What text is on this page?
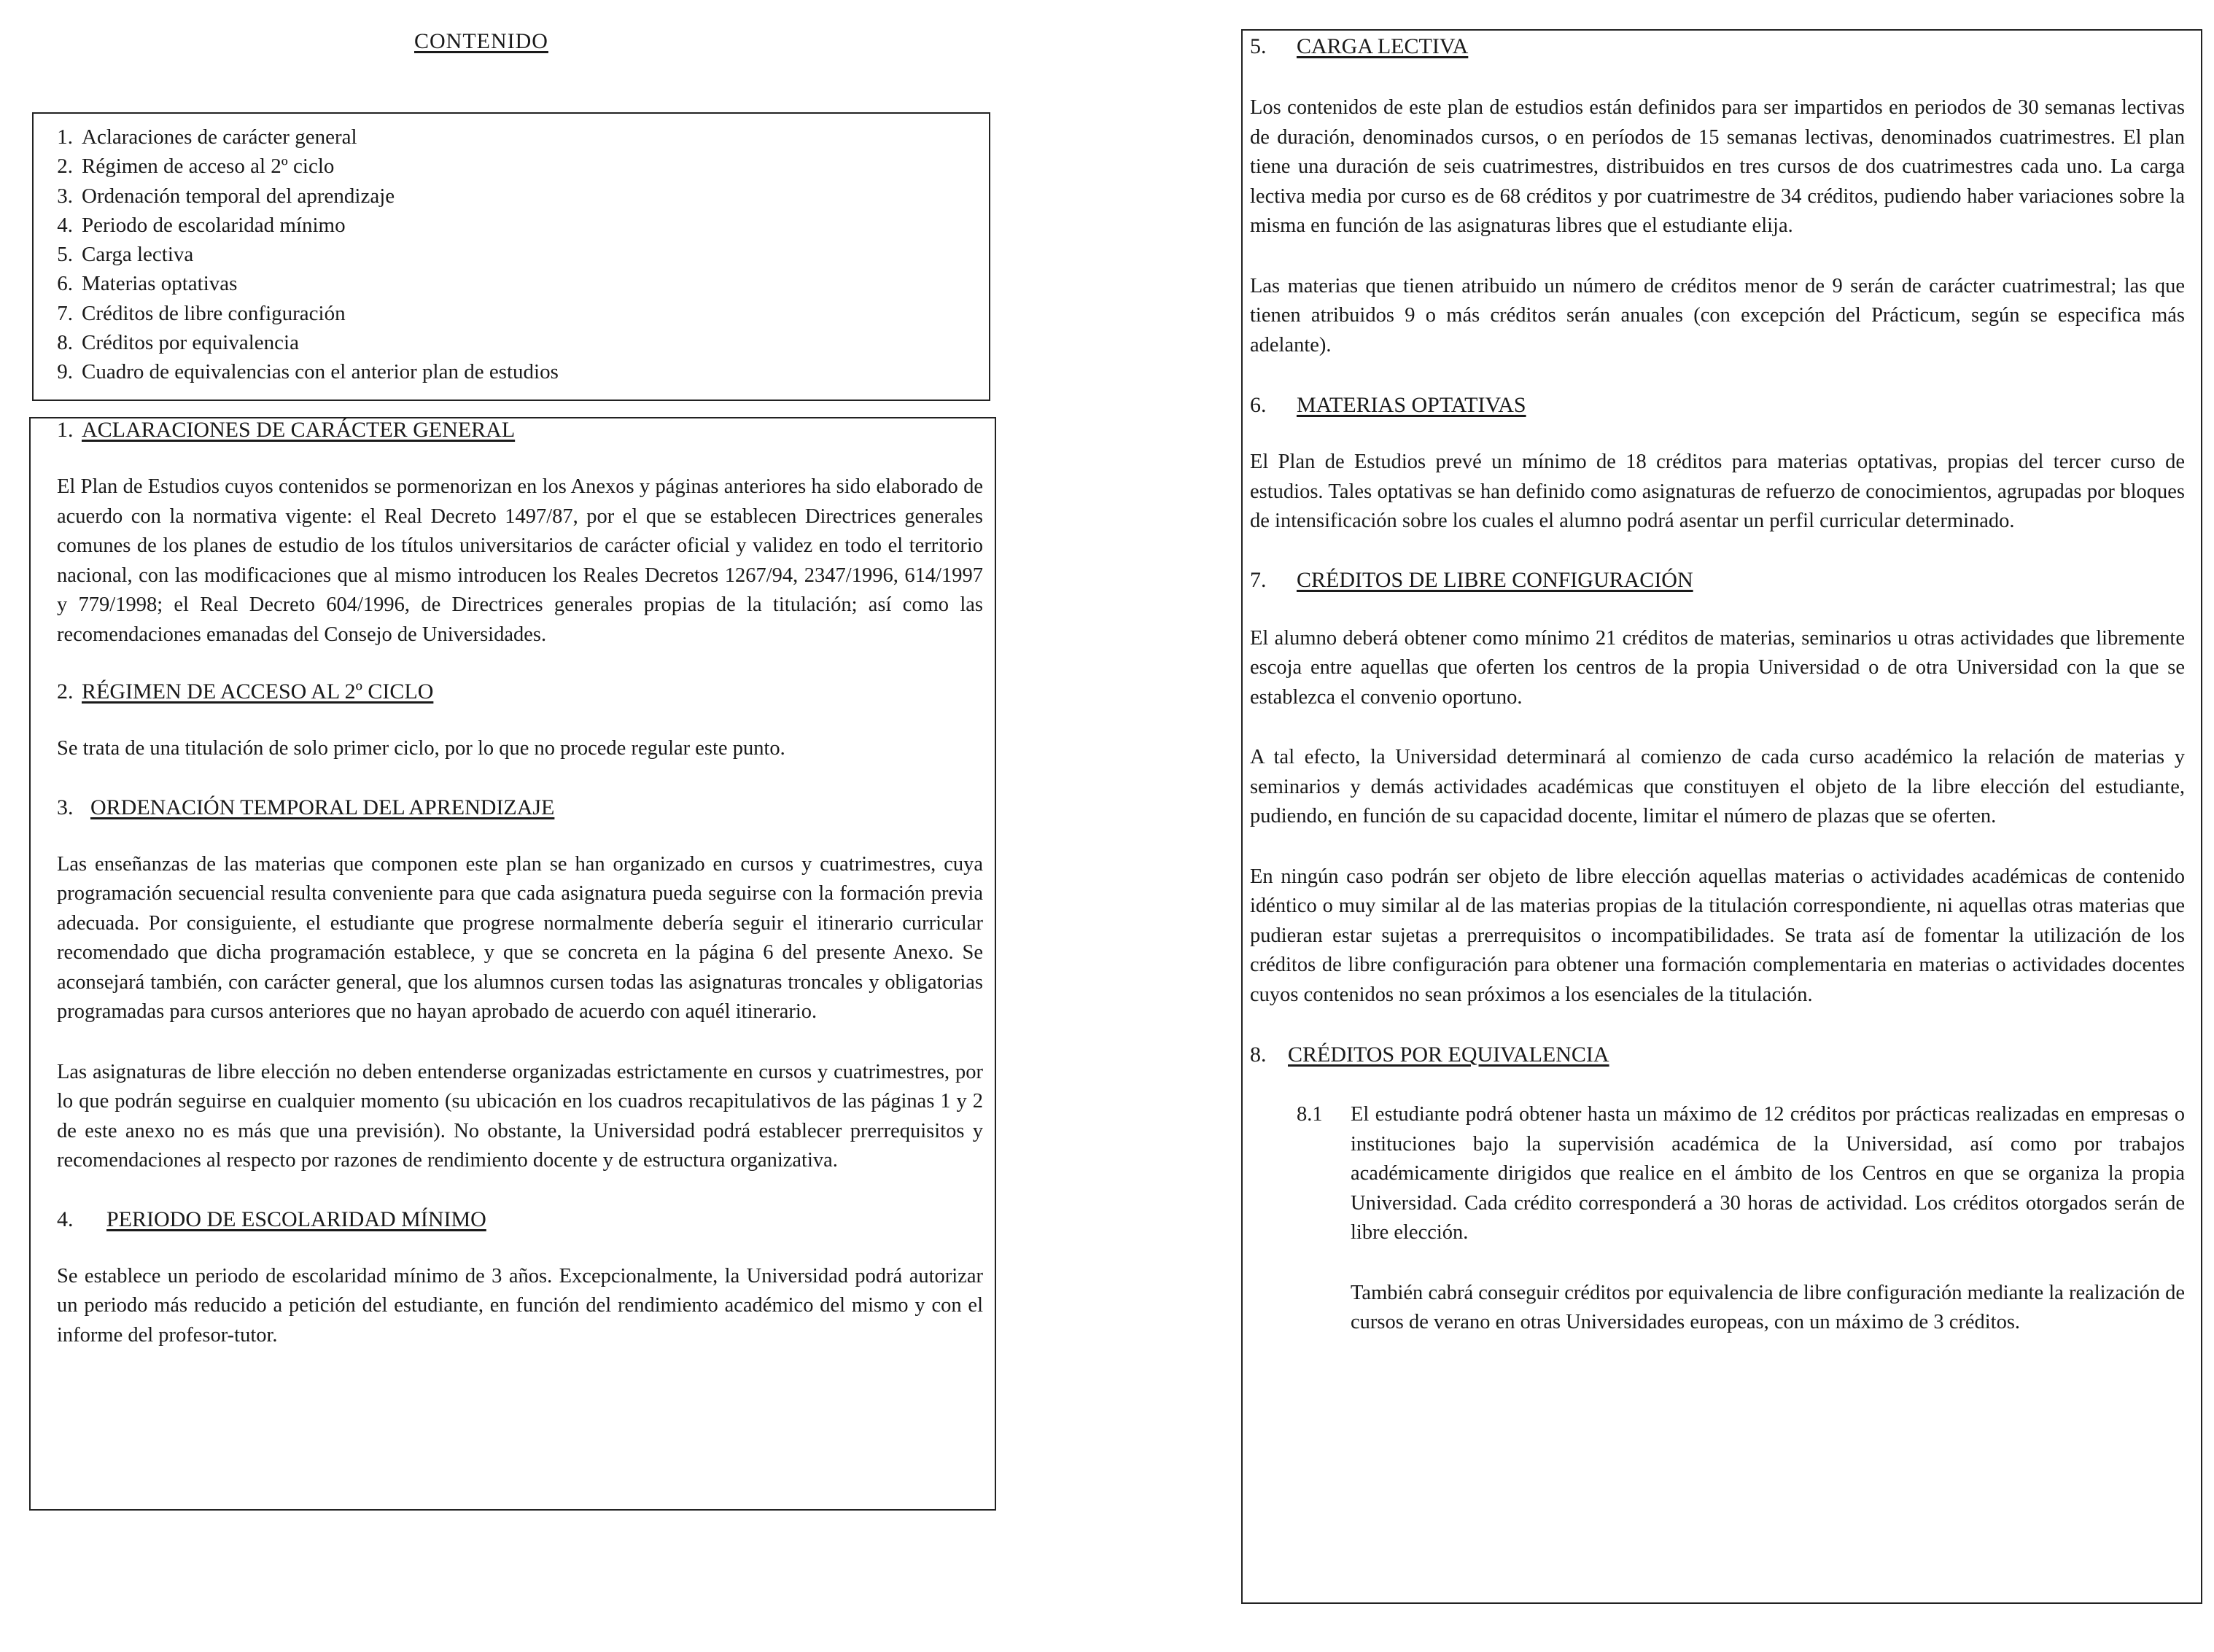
CONTENIDO
1. Aclaraciones de carácter general
2. Régimen de acceso al 2º ciclo
3. Ordenación temporal del aprendizaje
4. Periodo de escolaridad mínimo
5. Carga lectiva
6. Materias optativas
7. Créditos de libre configuración
8. Créditos por equivalencia
9. Cuadro de equivalencias con el anterior plan de estudios
1. ACLARACIONES DE CARÁCTER GENERAL

El Plan de Estudios cuyos contenidos se pormenorizan en los Anexos y páginas anteriores ha sido elaborado de acuerdo con la normativa vigente: el Real Decreto 1497/87, por el que se establecen Directrices generales comunes de los planes de estudio de los títulos universitarios de carácter oficial y validez en todo el territorio nacional, con las modificaciones que al mismo introducen los Reales Decretos 1267/94, 2347/1996, 614/1997 y 779/1998; el Real Decreto 604/1996, de Directrices generales propias de la titulación; así como las recomendaciones emanadas del Consejo de Universidades.

2. RÉGIMEN DE ACCESO AL 2º CICLO

Se trata de una titulación de solo primer ciclo, por lo que no procede regular este punto.

3. ORDENACIÓN TEMPORAL DEL APRENDIZAJE

Las enseñanzas de las materias que componen este plan se han organizado en cursos y cuatrimestres, cuya programación secuencial resulta conveniente para que cada asignatura pueda seguirse con la formación previa adecuada. Por consiguiente, el estudiante que progrese normalmente debería seguir el itinerario curricular recomendado que dicha programación establece, y que se concreta en la página 6 del presente Anexo. Se aconsejará también, con carácter general, que los alumnos cursen todas las asignaturas troncales y obligatorias programadas para cursos anteriores que no hayan aprobado de acuerdo con aquél itinerario.

Las asignaturas de libre elección no deben entenderse organizadas estrictamente en cursos y cuatrimestres, por lo que podrán seguirse en cualquier momento (su ubicación en los cuadros recapitulativos de las páginas 1 y 2 de este anexo no es más que una previsión). No obstante, la Universidad podrá establecer prerrequisitos y recomendaciones al respecto por razones de rendimiento docente y de estructura organizativa.

4.	PERIODO DE ESCOLARIDAD MÍNIMO

Se establece un periodo de escolaridad mínimo de 3 años. Excepcionalmente, la Universidad podrá autorizar un periodo más reducido a petición del estudiante, en función del rendimiento académico del mismo y con el informe del profesor-tutor.

5.	CARGA LECTIVA

Los contenidos de este plan de estudios están definidos para ser impartidos en periodos de 30 semanas lectivas de duración, denominados cursos, o en períodos de 15 semanas lectivas, denominados cuatrimestres. El plan tiene una duración de seis cuatrimestres, distribuidos en tres cursos de dos cuatrimestres cada uno. La carga lectiva media por curso es de 68 créditos y por cuatrimestre de 34 créditos, pudiendo haber variaciones sobre la misma en función de las asignaturas libres que el estudiante elija.

Las materias que tienen atribuido un número de créditos menor de 9 serán de carácter cuatrimestral; las que tienen atribuidos 9 o más créditos serán anuales (con excepción del Prácticum, según se especifica más adelante).

6.	MATERIAS OPTATIVAS

El Plan de Estudios prevé un mínimo de 18 créditos para materias optativas, propias del tercer curso de estudios. Tales optativas se han definido como asignaturas de refuerzo de conocimientos, agrupadas por bloques de intensificación sobre los cuales el alumno podrá asentar un perfil curricular determinado.

7.	CRÉDITOS DE LIBRE CONFIGURACIÓN

El alumno deberá obtener como mínimo 21 créditos de materias, seminarios u otras actividades que libremente escoja entre aquellas que oferten los centros de la propia Universidad o de otra Universidad con la que se establezca el convenio oportuno.

A tal efecto, la Universidad determinará al comienzo de cada curso académico la relación de materias y seminarios y demás actividades académicas que constituyen el objeto de la libre elección del estudiante, pudiendo, en función de su capacidad docente, limitar el número de plazas que se oferten.

En ningún caso podrán ser objeto de libre elección aquellas materias o actividades académicas de contenido idéntico o muy similar al de las materias propias de la titulación correspondiente, ni aquellas otras materias que pudieran estar sujetas a prerrequisitos o incompatibilidades. Se trata así de fomentar la utilización de los créditos de libre configuración para obtener una formación complementaria en materias o actividades docentes cuyos contenidos no sean próximos a los esenciales de la titulación.

8. CRÉDITOS POR EQUIVALENCIA
8.1	El estudiante podrá obtener hasta un máximo de 12 créditos por prácticas realizadas en empresas o instituciones bajo la supervisión académica de la Universidad, así como por trabajos académicamente dirigidos que realice en el ámbito de los Centros en que se organiza la propia Universidad. Cada crédito corresponderá a 30 horas de actividad. Los créditos otorgados serán de libre elección.

También cabrá conseguir créditos por equivalencia de libre configuración mediante la realización de cursos de verano en otras Universidades europeas, con un máximo de 3 créditos.
